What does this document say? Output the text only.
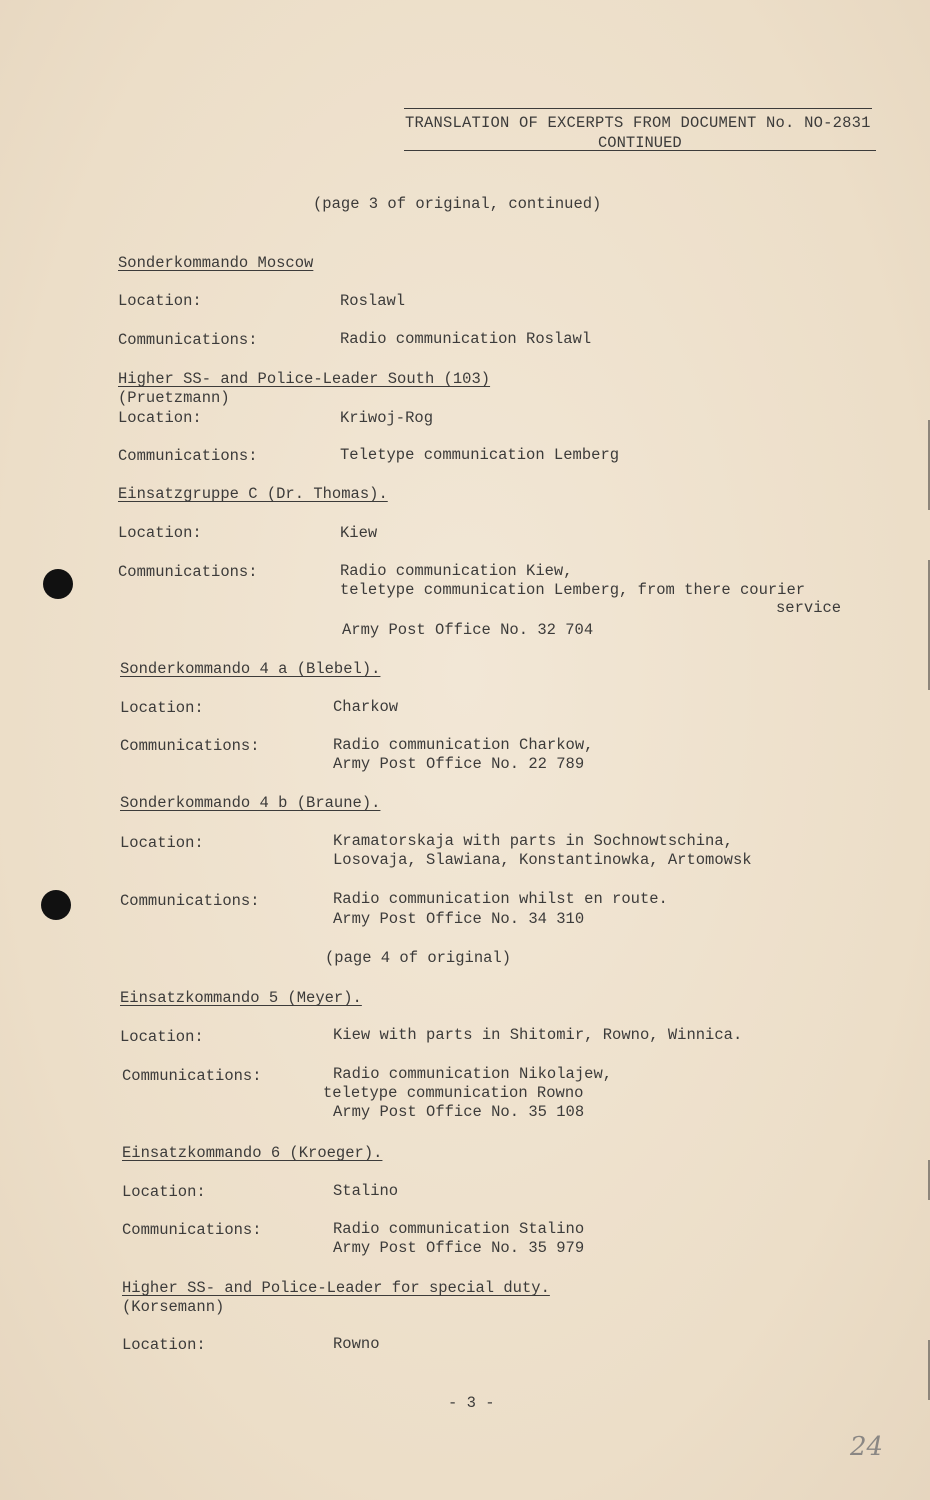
TRANSLATION OF EXCERPTS FROM DOCUMENT No. NO-2831
CONTINUED
(page 3 of original, continued)
Sonderkommando Moscow
Location:	Roslawl
Communications:	Radio communication Roslawl
Higher SS- and Police-Leader South (103)
(Pruetzmann)
Location:	Kriwoj-Rog
Communications:	Teletype communication Lemberg
Einsatzgruppe C (Dr. Thomas).
Location:	Kiew
Communications:	Radio communication Kiew,
teletype communication Lemberg, from there courier
service
Army Post Office No. 32 704
Sonderkommando 4 a (Blebel).
Location:	Charkow
Communications:	Radio communication Charkow,
Army Post Office No. 22 789
Sonderkommando 4 b (Braune).
Location:	Kramatorskaja with parts in Sochnowtschina,
Losovaja, Slawiana, Konstantinowka, Artomowsk
Communications:	Radio communication whilst en route.
Army Post Office No. 34 310
(page 4 of original)
Einsatzkommando 5 (Meyer).
Location:	Kiew with parts in Shitomir, Rowno, Winnica.
Communications:	Radio communication Nikolajew,
teletype communication Rowno
Army Post Office No. 35 108
Einsatzkommando 6 (Kroeger).
Location:	Stalino
Communications:	Radio communication Stalino
Army Post Office No. 35 979
Higher SS- and Police-Leader for special duty.
(Korsemann)
Location:	Rowno
- 3 -
24
